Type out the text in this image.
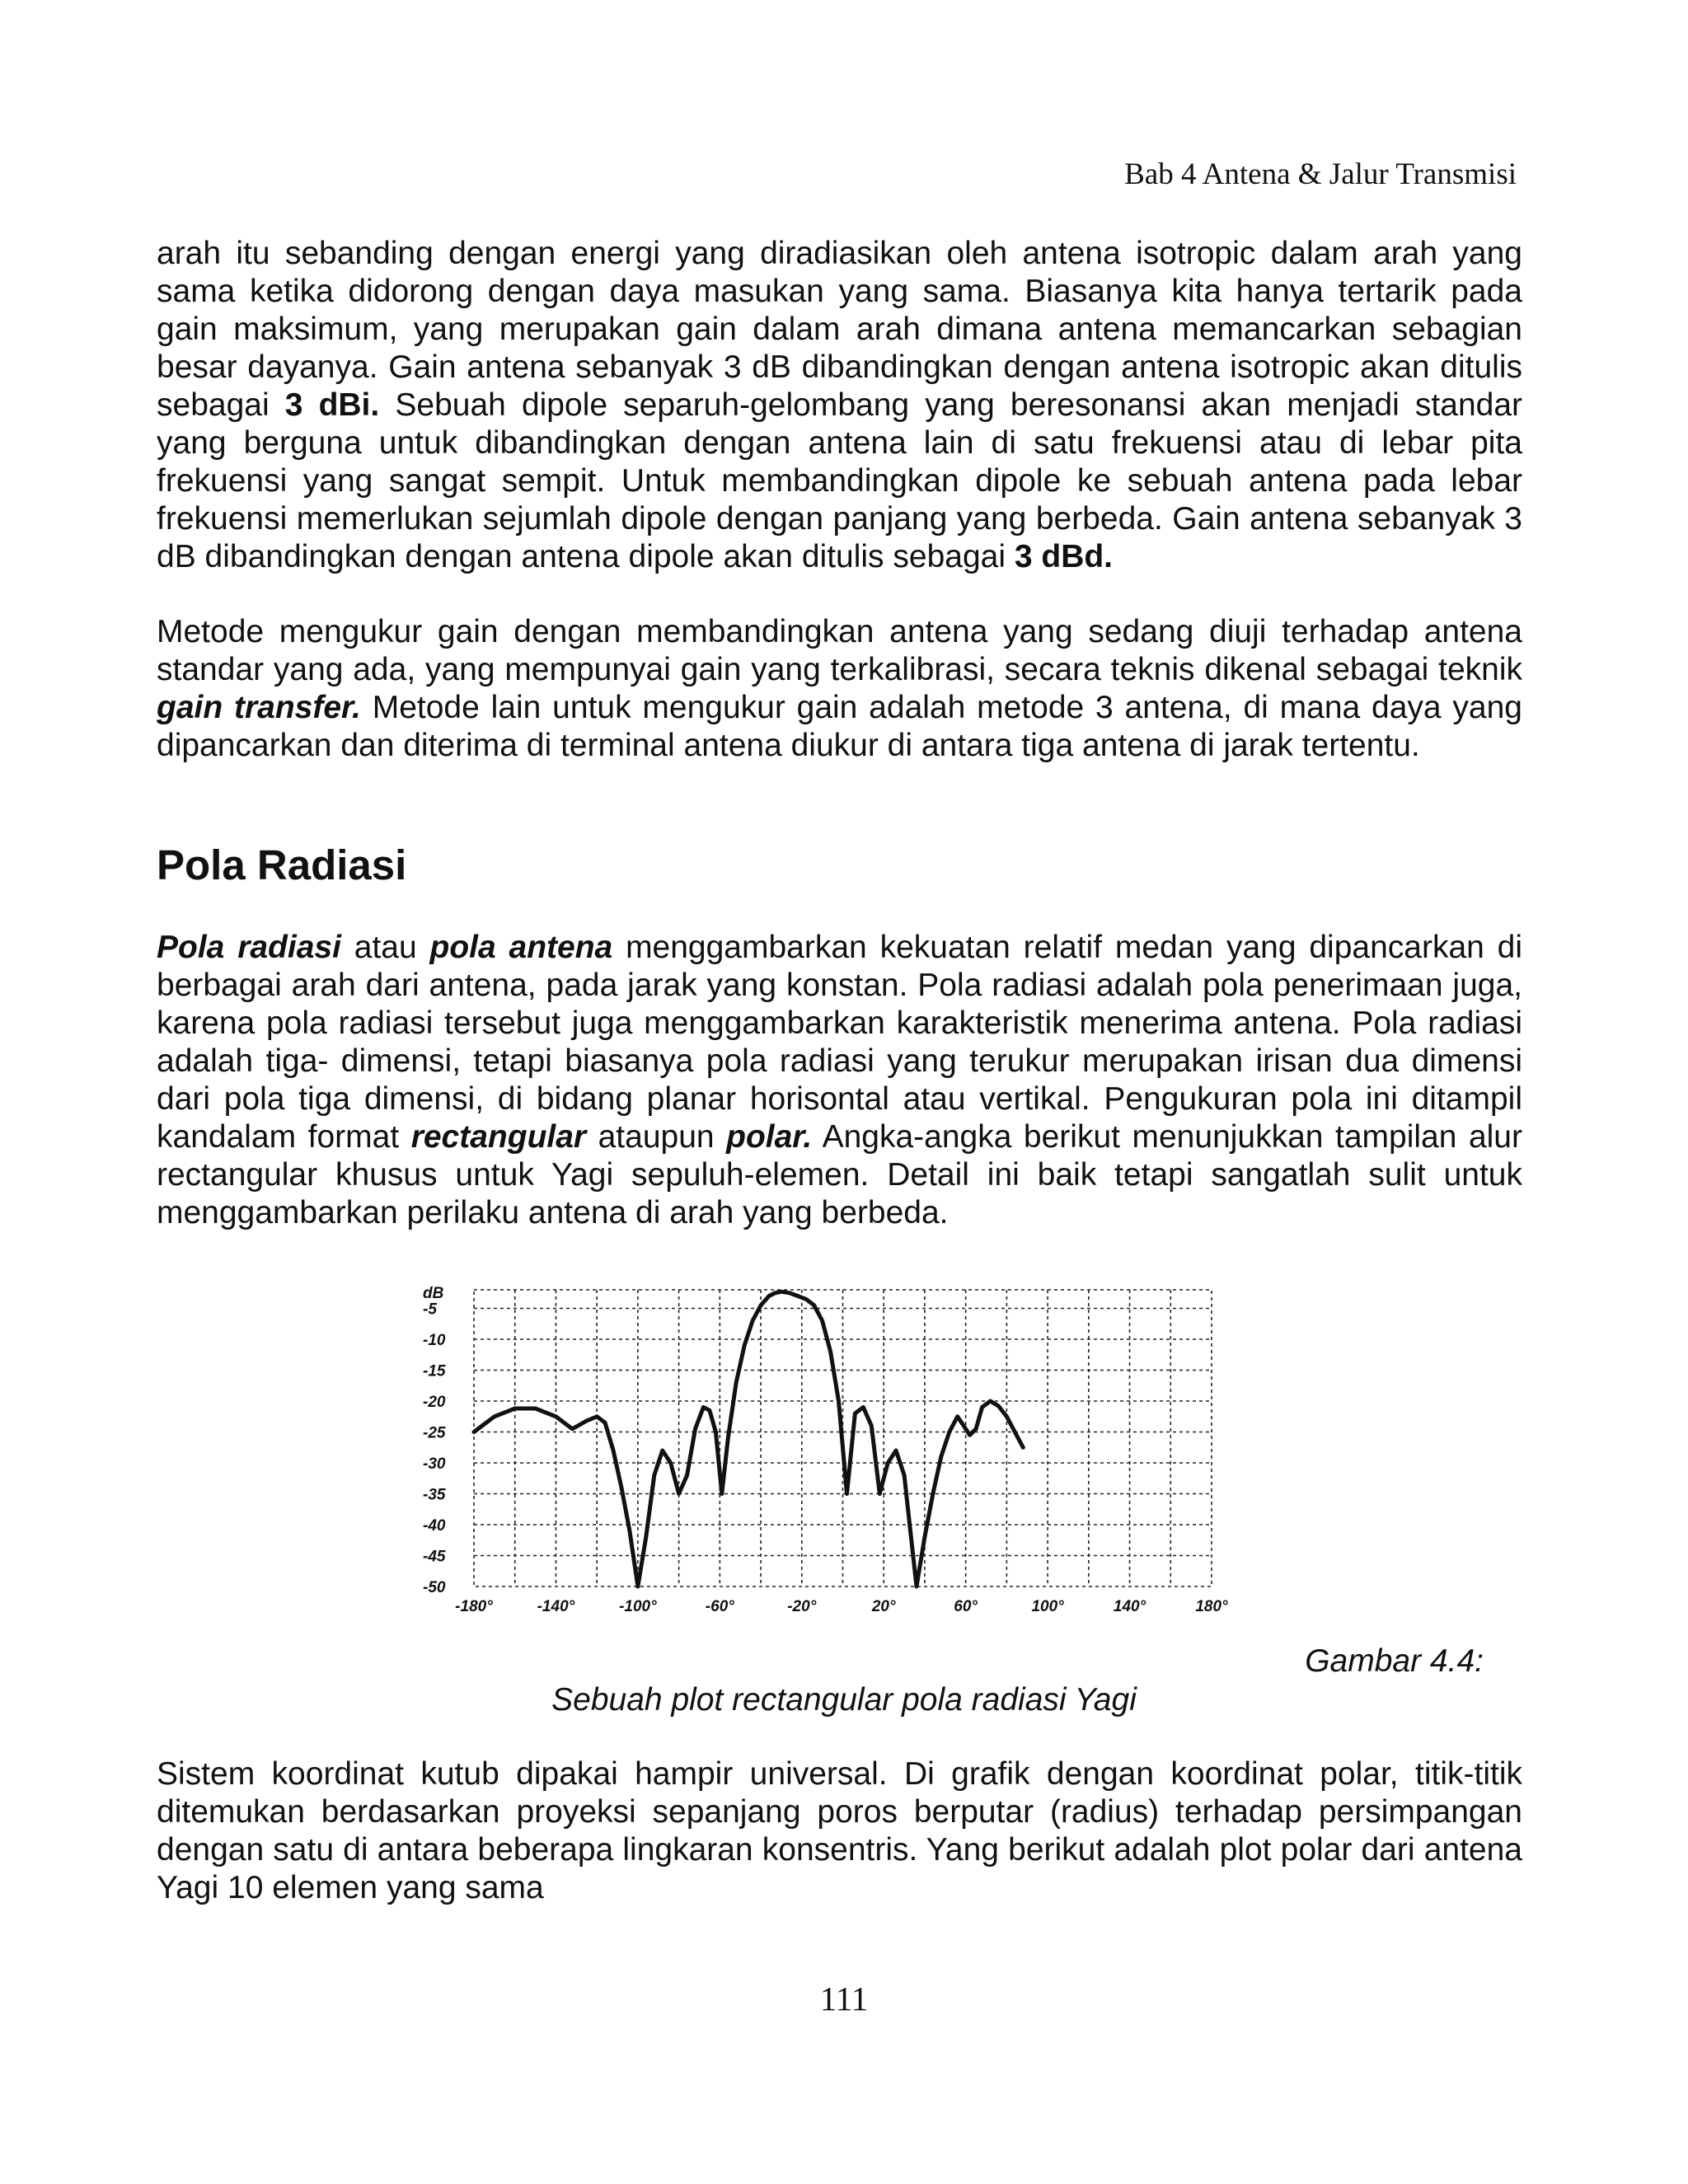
Bab 4 Antena & Jalur Transmisi

arah itu sebanding dengan energi yang diradiasikan oleh antena isotropic dalam arah yang sama ketika didorong dengan daya masukan yang sama. Biasanya kita hanya tertarik pada gain maksimum, yang merupakan gain dalam arah dimana antena memancarkan sebagian besar dayanya. Gain antena sebanyak 3 dB dibandingkan dengan antena isotropic akan ditulis sebagai 3 dBi. Sebuah dipole separuh-gelombang yang beresonansi akan menjadi standar yang berguna untuk dibandingkan dengan antena lain di satu frekuensi atau di lebar pita frekuensi yang sangat sempit. Untuk membandingkan dipole ke sebuah antena pada lebar frekuensi memerlukan sejumlah dipole dengan panjang yang berbeda. Gain antena sebanyak 3 dB dibandingkan dengan antena dipole akan ditulis sebagai 3 dBd.

Metode mengukur gain dengan membandingkan antena yang sedang diuji terhadap antena standar yang ada, yang mempunyai gain yang terkalibrasi, secara teknis dikenal sebagai teknik gain transfer. Metode lain untuk mengukur gain adalah metode 3 antena, di mana daya yang dipancarkan dan diterima di terminal antena diukur di antara tiga antena di jarak tertentu.

Pola Radiasi

Pola radiasi atau pola antena menggambarkan kekuatan relatif medan yang dipancarkan di berbagai arah dari antena, pada jarak yang konstan. Pola radiasi adalah pola penerimaan juga, karena pola radiasi tersebut juga menggambarkan karakteristik menerima antena. Pola radiasi adalah tiga- dimensi, tetapi biasanya pola radiasi yang terukur merupakan irisan dua dimensi dari pola tiga dimensi, di bidang planar horisontal atau vertikal. Pengukuran pola ini ditampil kandalam format rectangular ataupun polar. Angka-angka berikut menunjukkan tampilan alur rectangular khusus untuk Yagi sepuluh-elemen. Detail ini baik tetapi sangatlah sulit untuk menggambarkan perilaku antena di arah yang berbeda.

dB
-5
-10
-15
-20
-25
-30
-35
-40
-45
-50
-180°	-140°	-100°	-60°	-20°	20°	60°	100°	140°	180°
Gambar 4.4:
Sebuah plot rectangular pola radiasi Yagi

Sistem koordinat kutub dipakai hampir universal. Di grafik dengan koordinat polar, titik-titik ditemukan berdasarkan proyeksi sepanjang poros berputar (radius) terhadap persimpangan dengan satu di antara beberapa lingkaran konsentris. Yang berikut adalah plot polar dari antena Yagi 10 elemen yang sama

111
